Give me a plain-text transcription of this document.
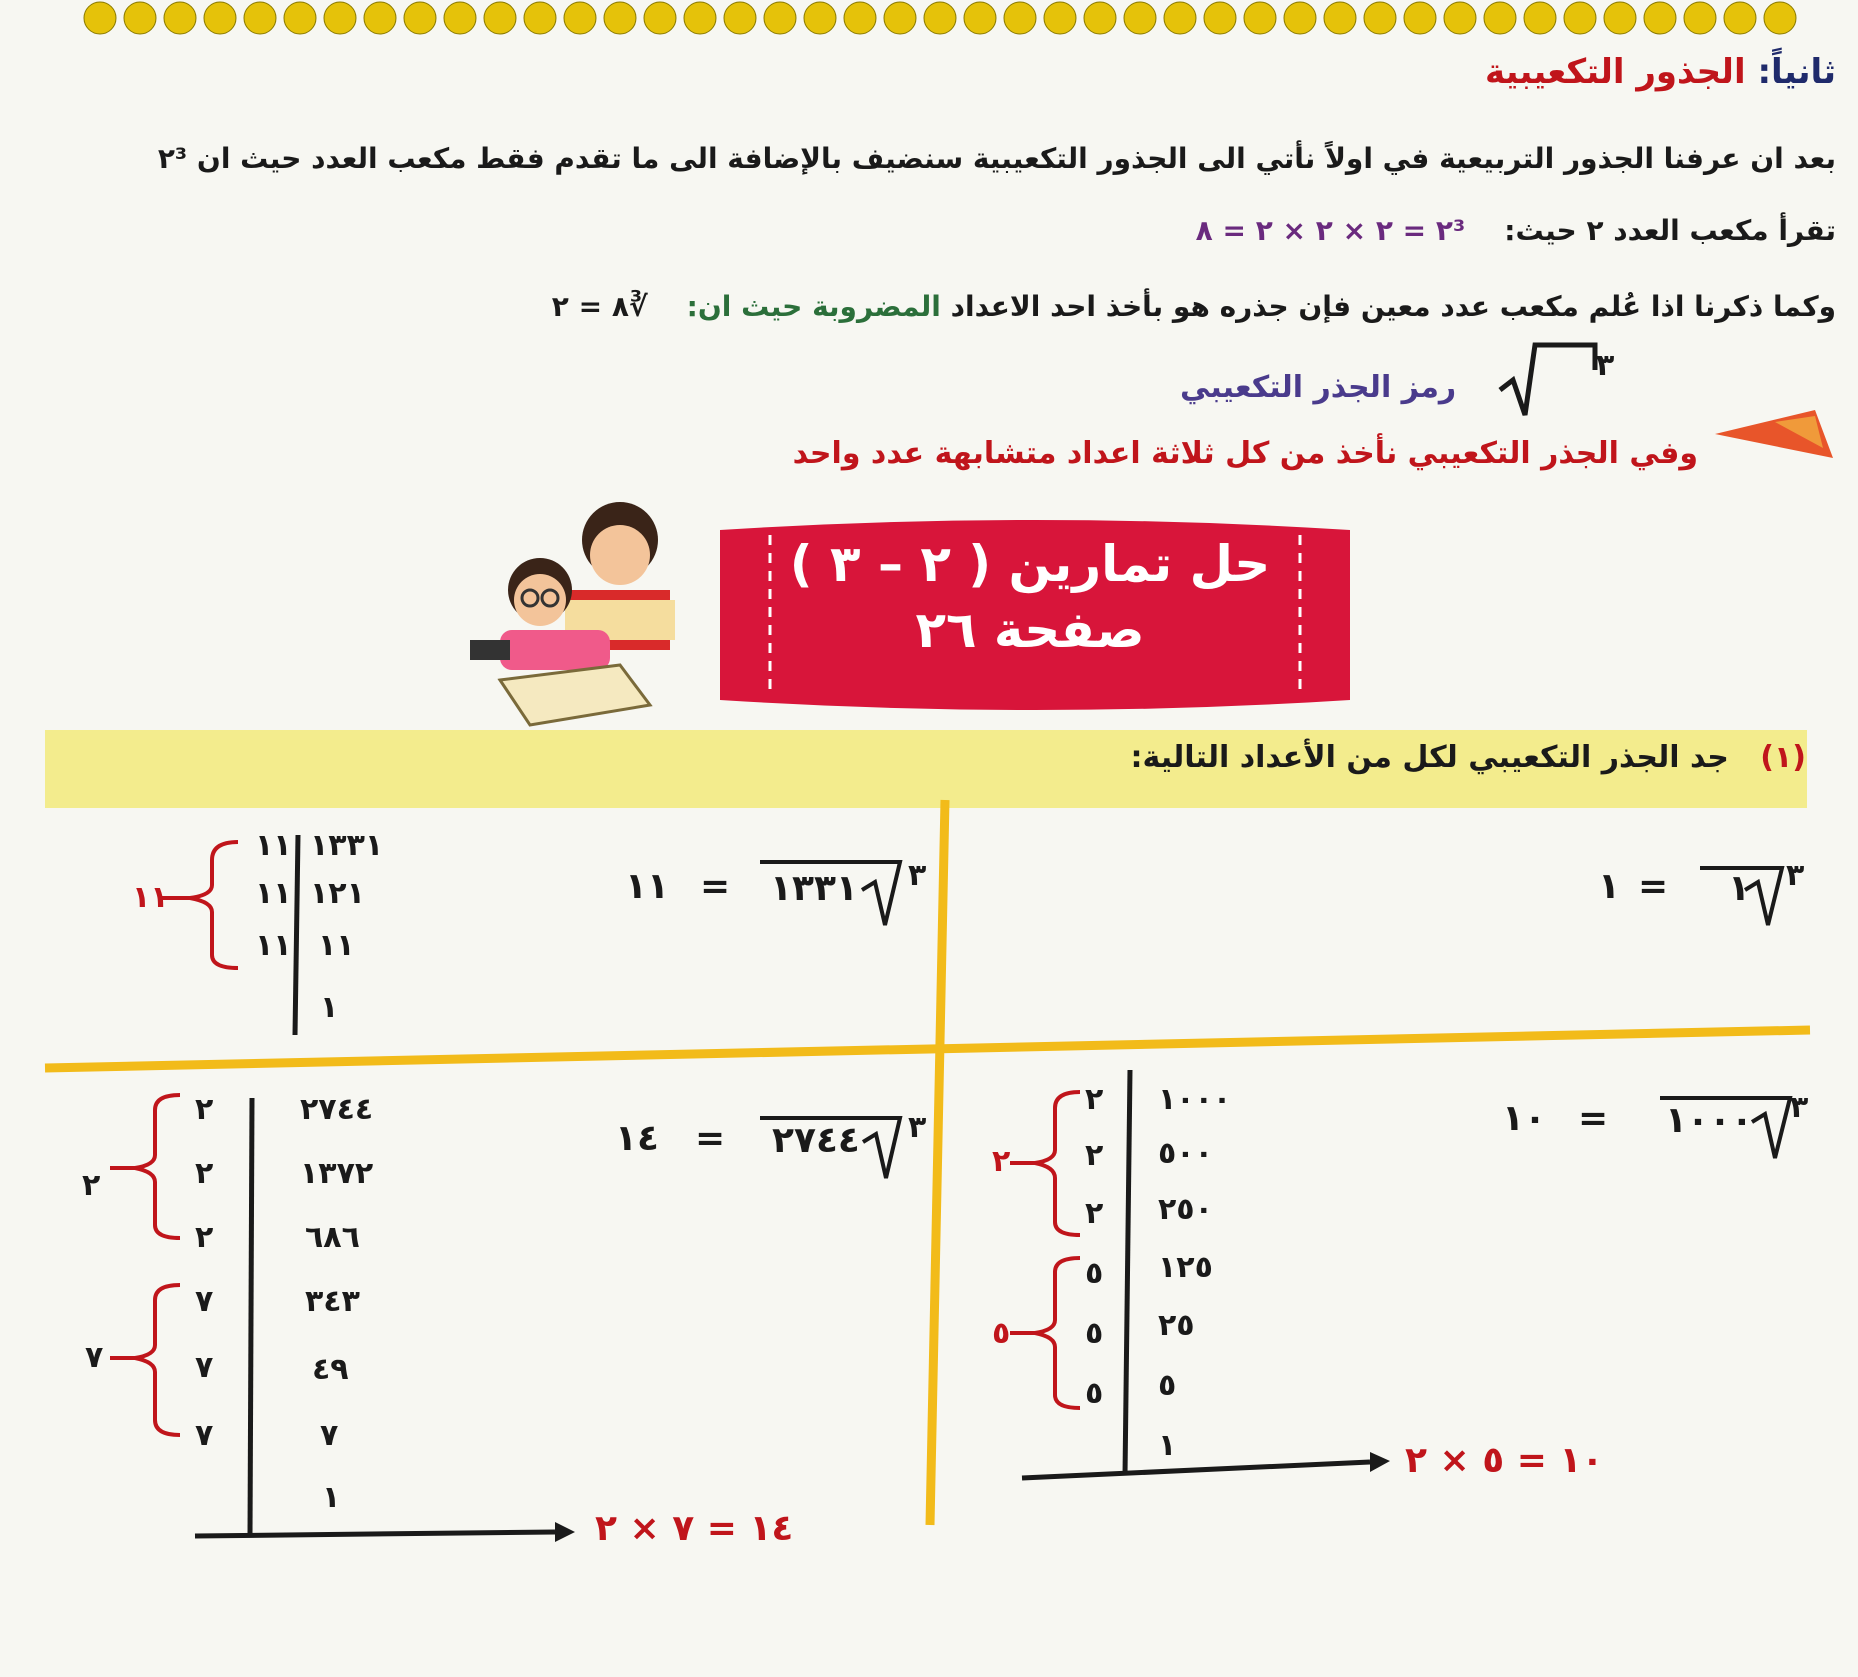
ثانياً: الجذور التكعيبية
بعد ان عرفنا الجذور التربيعية في اولاً نأتي الى الجذور التكعيبية سنضيف بالإضافة الى ما تقدم فقط مكعب العدد حيث ان ٢³
تقرأ مكعب العدد ٢ حيث:    ٢³ = ٢ × ٢ × ٢ = ٨
وكما ذكرنا اذا عُلم مكعب عدد معين فإن جذره هو بأخذ احد الاعداد المضروبة حيث ان:    ∛٨ = ٢
٣
رمز الجذر التكعيبي
وفي الجذر التكعيبي نأخذ من كل ثلاثة اعداد متشابهة عدد واحد
حل تمارين ( ٢ – ٣ )
صفحة ٢٦
(١)   جد الجذر التكعيبي لكل من الأعداد التالية:
١ = ١ ٣
١١ = ١٣٣١ ٣
١٣٣١
١٢١
١١
١
١١
١١
١١
١١
١٠ = ١٠٠٠ ٣
١٠٠٠
٥٠٠
٢٥٠
١٢٥
٢٥
٥
١
٢
٢
٢
٥
٥
٥
٢
٥
١٠ = ٥ × ٢
١٤ = ٢٧٤٤ ٣
٢٧٤٤
١٣٧٢
٦٨٦
٣٤٣
٤٩
٧
١
٢
٢
٢
٧
٧
٧
٢
٧
١٤ = ٧ × ٢
